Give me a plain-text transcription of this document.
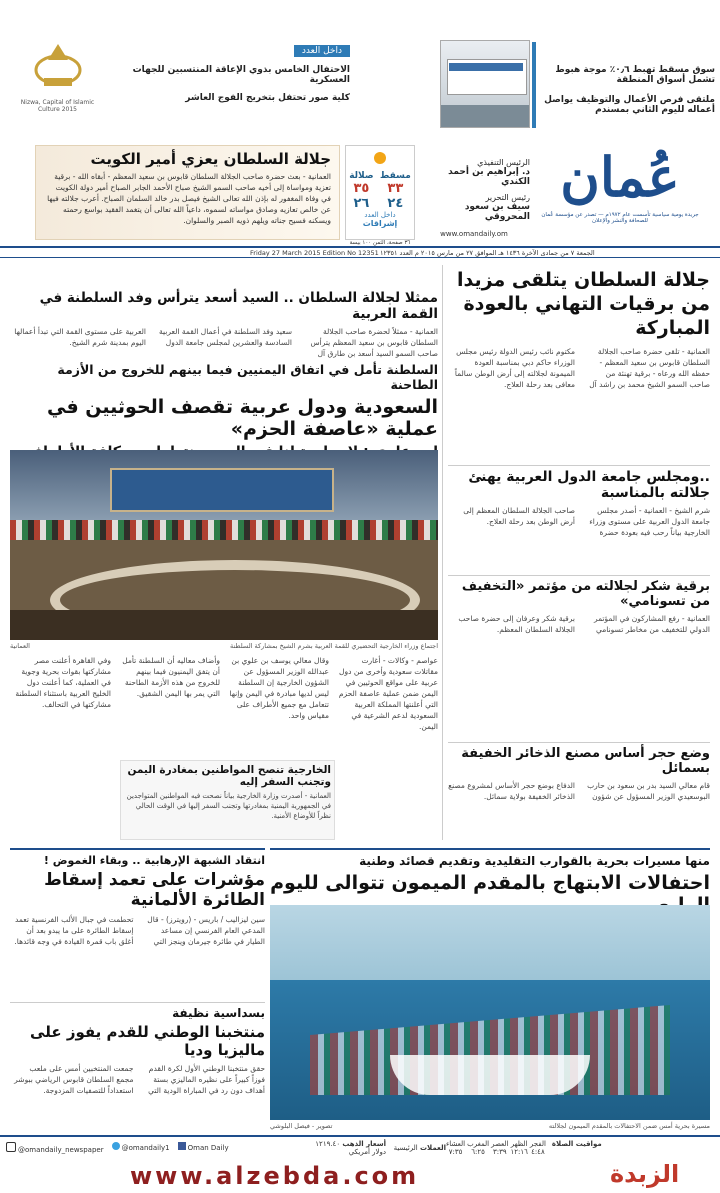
Nizwa, Capital of Islamic Culture 2015
داخل العدد
الاحتفال الخامس بذوي الإعاقة المنتسبين للجهات العسكرية
كلية صور تحتفل بتخريج الفوج العاشر
سوق مسقط تهبط ٠٫٦٪ موجة هبوط تشمل أسواق المنطقة
ملتقى فرص الأعمال والتوظيف يواصل أعماله لليوم الثاني بمسندم
جلالة السلطان يعزي أمير الكويت
العمانية - بعث حضرة صاحب الجلالة السلطان قابوس بن سعيد المعظم - أبقاه الله - برقية تعزية ومواساة إلى أخيه صاحب السمو الشيخ صباح الأحمد الجابر الصباح أمير دولة الكويت في وفاة المغفور له بإذن الله تعالى الشيخ فيصل بدر خالد السلمان الصباح. أعرب جلالته فيها عن خالص تعازيه وصادق مواساته لسموه، داعياً الله تعالى أن يتغمد الفقيد بواسع رحمته ويسكنه فسيح جناته ويلهم ذويه الصبر والسلوان.
صلالة
٣٥
٢٦
مسقط
٣٣
٢٤
داخل العدد
إشراقات
الرئيس التنفيذي
د. إبراهيم بن أحمد الكندي
رئيس التحرير
سيف بن سعود المحروقي
عُمان
جريدة يومية سياسية تأسست عام ١٩٧٢م — تصدر عن مؤسسة عُمان للصحافة والنشر والإعلان
www.omandaily.om
٣٦ صفحة، الثمن ١٠٠ بيسة
Friday 27 March 2015 Edition No 12351 الجمعة ٧ من جمادى الآخرة ١٤٣٦ هـ الموافق ٢٧ من مارس ٢٠١٥ م العدد ١٢٣٥١
جلالة السلطان يتلقى مزيدا من برقيات التهاني بالعودة المباركة
العمانية - تلقى حضرة صاحب الجلالة السلطان قابوس بن سعيد المعظم - حفظه الله ورعاه - برقية تهنئة من صاحب السمو الشيخ محمد بن راشد آل مكتوم نائب رئيس الدولة رئيس مجلس الوزراء حاكم دبي بمناسبة العودة الميمونة لجلالته إلى أرض الوطن سالماً معافى بعد رحلة العلاج.
..ومجلس جامعة الدول العربية يهنئ جلالته بالمناسبة
شرم الشيخ - العمانية - أصدر مجلس جامعة الدول العربية على مستوى وزراء الخارجية بياناً رحب فيه بعودة حضرة صاحب الجلالة السلطان المعظم إلى أرض الوطن بعد رحلة العلاج.
برقية شكر لجلالته من مؤتمر «التخفيف من تسونامي»
العمانية - رفع المشاركون في المؤتمر الدولي للتخفيف من مخاطر تسونامي برقية شكر وعرفان إلى حضرة صاحب الجلالة السلطان المعظم.
وضع حجر أساس مصنع الذخائر الخفيفة بسمائل
قام معالي السيد بدر بن سعود بن حارب البوسعيدي الوزير المسؤول عن شؤون الدفاع بوضع حجر الأساس لمشروع مصنع الذخائر الخفيفة بولاية سمائل.
ممثلا لجلالة السلطان .. السيد أسعد يترأس وفد السلطنة في القمة العربية
العمانية - ممثلاً لحضرة صاحب الجلالة السلطان قابوس بن سعيد المعظم يترأس صاحب السمو السيد أسعد بن طارق آل سعيد وفد السلطنة في أعمال القمة العربية السادسة والعشرين لمجلس جامعة الدول العربية على مستوى القمة التي تبدأ أعمالها اليوم بمدينة شرم الشيخ.
السلطنة تأمل في اتفاق اليمنيين فيما بينهم للخروج من الأزمة الطاحنة
السعودية ودول عربية تقصف الحوثيين في عملية «عاصفة الحزم»
اجتماع وزراء الخارجية التحضيري للقمة العربية بشرم الشيخ بمشاركة السلطنة
العمانية
عواصم - وكالات - أغارت مقاتلات سعودية وأخرى من دول عربية على مواقع الحوثيين في اليمن ضمن عملية عاصفة الحزم التي أعلنتها المملكة العربية السعودية لدعم الشرعية في اليمن.
وقال معالي يوسف بن علوي بن عبدالله الوزير المسؤول عن الشؤون الخارجية إن السلطنة ليس لديها مبادرة في اليمن وإنها تتعامل مع جميع الأطراف على مقياس واحد.
وأضاف معاليه أن السلطنة تأمل أن يتفق اليمنيون فيما بينهم للخروج من هذه الأزمة الطاحنة التي يمر بها اليمن الشقيق.
وفي القاهرة أعلنت مصر مشاركتها بقوات بحرية وجوية في العملية، كما أعلنت دول الخليج العربية باستثناء السلطنة مشاركتها في التحالف.
الخارجية تنصح المواطنين بمغادرة اليمن وتجنب السفر إليه
العمانية - أصدرت وزارة الخارجية بياناً نصحت فيه المواطنين المتواجدين في الجمهورية اليمنية بمغادرتها وتجنب السفر إليها في الوقت الحالي نظراً للأوضاع الأمنية.
منها مسيرات بحرية بالقوارب التقليدية وتقديم قصائد وطنية
احتفالات الابتهاج بالمقدم الميمون تتوالى لليوم
مسيرة بحرية أمس ضمن الاحتفالات بالمقدم الميمون لجلالته
تصوير - فيصل البلوشي
انتقاد الشبهة الإرهابية .. وبقاء الغموض !
مؤشرات على تعمد إسقاط الطائرة الألمانية
سين ليزاليب / باريس - (رويترز) - قال المدعي العام الفرنسي إن مساعد الطيار في طائرة جيرمان وينجز التي تحطمت في جبال الألب الفرنسية تعمد إسقاط الطائرة على ما يبدو بعد أن أغلق باب قمرة القيادة في وجه قائدها.
بسداسية نظيفة
منتخبنا الوطني للقدم يفوز على ماليزيا وديا
حقق منتخبنا الوطني الأول لكرة القدم فوزاً كبيراً على نظيره الماليزي بستة أهداف دون رد في المباراة الودية التي جمعت المنتخبين أمس على ملعب مجمع السلطان قابوس الرياضي ببوشر استعداداً للتصفيات المزدوجة.
@omandaily_newspaper	@omandaily1	Oman Daily	أسعار الذهب ١٢١٩.٤٠ دولار أمريكي	العملات الرئيسية	مواقيت الصلاة
الفجر
٤:٤٨
الظهر
١٢:١٦
العصر
٣:٣٩
المغرب
٦:٢٥
العشاء
٧:٣٥
www.alzebda.com	الزبدة
